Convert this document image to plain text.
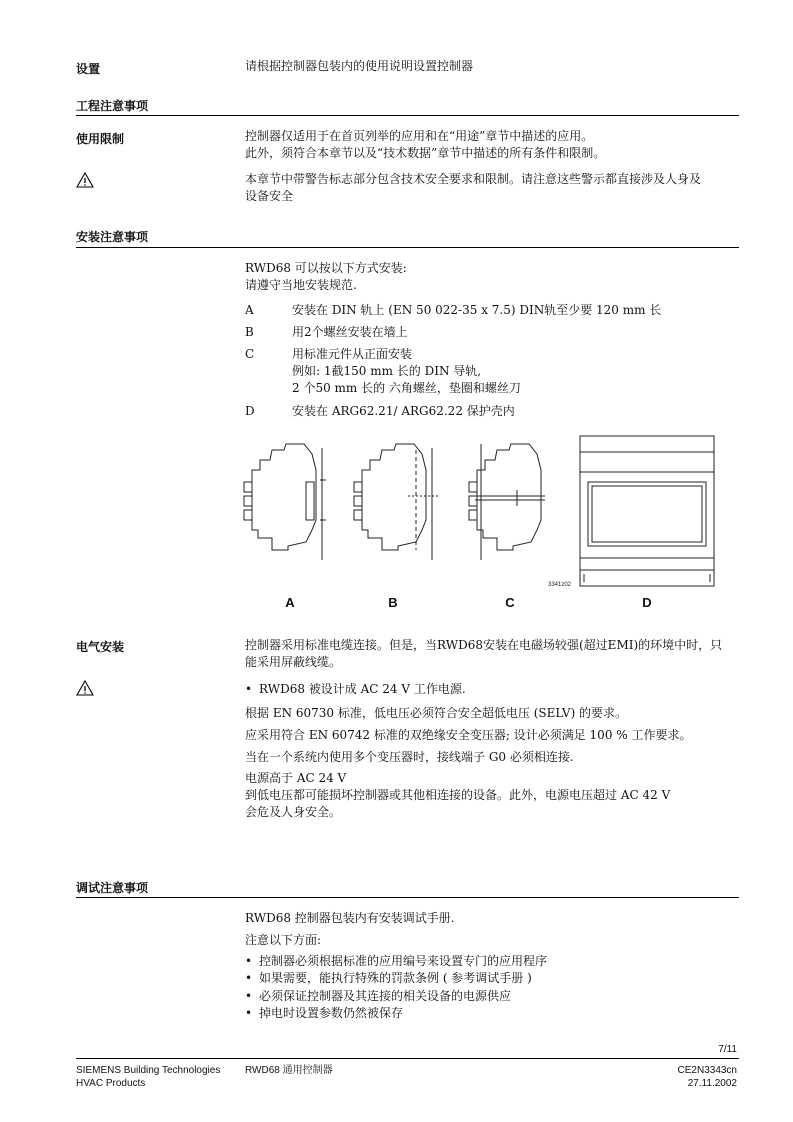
设置	请根据控制器包装内的使用说明设置控制器
工程注意事项
使用限制	控制器仅适用于在首页列举的应用和在“用途”章节中描述的应用。
此外，须符合本章节以及“技术数据”章节中描述的所有条件和限制。
本章节中带警告标志部分包含技术安全要求和限制。请注意这些警示都直接涉及人身及
设备安全
安装注意事项
RWD68 可以按以下方式安装:
请遵守当地安装规范.
A	安装在 DIN 轨上 (EN 50 022-35 x 7.5) DIN轨至少要 120 mm 长
B	用2个螺丝安装在墙上
C	用标准元件从正面安装
例如: 1截150 mm 长的 DIN 导轨,
2 个50 mm 长的 六角螺丝，垫圈和螺丝刀
D	安装在 ARG62.21/ ARG62.22 保护壳内
3341z02
A	B	C	D
电气安装	控制器采用标准电缆连接。但是，当RWD68安装在电磁场较强(超过EMI)的环境中时，只
能采用屏蔽线缆。
• RWD68 被设计成 AC 24 V 工作电源.
根据 EN 60730 标准，低电压必须符合安全超低电压 (SELV) 的要求。
应采用符合 EN 60742 标准的双绝缘安全变压器; 设计必须满足 100 % 工作要求。
当在一个系统内使用多个变压器时，接线端子 G0 必须相连接.
电源高于 AC 24 V
到低电压都可能损坏控制器或其他相连接的设备。此外，电源电压超过 AC 42 V
会危及人身安全。
调试注意事项
RWD68 控制器包装内有安装调试手册.
注意以下方面:
• 控制器必须根据标准的应用编号来设置专门的应用程序
• 如果需要，能执行特殊的罚款条例 ( 参考调试手册 )
• 必须保证控制器及其连接的相关设备的电源供应
• 掉电时设置参数仍然被保存
7/11
SIEMENS Building Technologies
HVAC Products
RWD68 通用控制器	CE2N3343cn
27.11.2002
